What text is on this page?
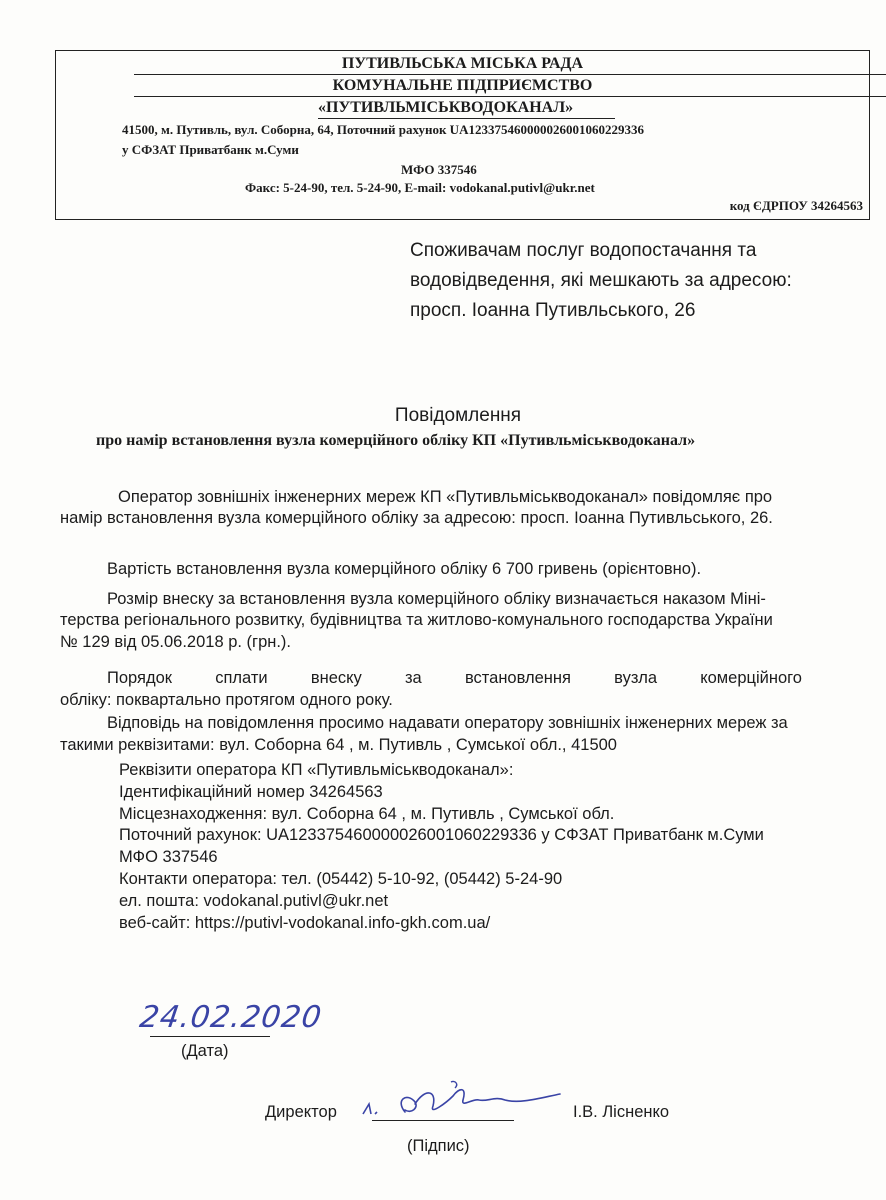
ПУТИВЛЬСЬКА МІСЬКА РАДА
КОМУНАЛЬНЕ ПІДПРИЄМСТВО
«ПУТИВЛЬМІСЬКВОДОКАНАЛ»
41500, м. Путивль, вул. Соборна, 64, Поточний рахунок UA123375460000026001060229336
у СФЗАТ Приватбанк м.Суми
МФО 337546
Факс: 5-24-90, тел. 5-24-90, E-mail: vodokanal.putivl@ukr.net
код ЄДРПОУ 34264563
Споживачам послуг водопостачання та
водовідведення, які мешкають за адресою:
просп. Іоанна Путивльського, 26
Повідомлення
про намір встановлення вузла комерційного обліку КП «Путивльміськводоканал»
Оператор зовнішніх інженерних мереж КП «Путивльміськводоканал» повідомляє про
намір встановлення вузла комерційного обліку за адресою: просп. Іоанна Путивльського, 26.
Вартість встановлення вузла комерційного обліку 6 700 гривень (орієнтовно).
Розмір внеску за встановлення вузла комерційного обліку визначається наказом Міні-
терства регіонального розвитку, будівництва та житлово-комунального господарства України
№ 129 від 05.06.2018 р. (грн.).
Порядок	сплати	внеску	за	встановлення	вузла	комерційного
обліку: поквартально протягом одного року.
Відповідь на повідомлення просимо надавати оператору зовнішніх інженерних мереж за
такими реквізитами: вул. Соборна 64 , м. Путивль , Сумської обл., 41500
Реквізити оператора КП «Путивльміськводоканал»:
Ідентифікаційний номер 34264563
Місцезнаходження: вул. Соборна 64 , м. Путивль , Сумської обл.
Поточний рахунок: UA123375460000026001060229336 у СФЗАТ Приватбанк м.Суми
МФО 337546
Контакти оператора: тел. (05442) 5-10-92, (05442) 5-24-90
ел. пошта: vodokanal.putivl@ukr.net
веб-сайт: https://putivl-vodokanal.info-gkh.com.ua/
24.02.2020
(Дата)
Директор	І.В. Лісненко
(Підпис)
